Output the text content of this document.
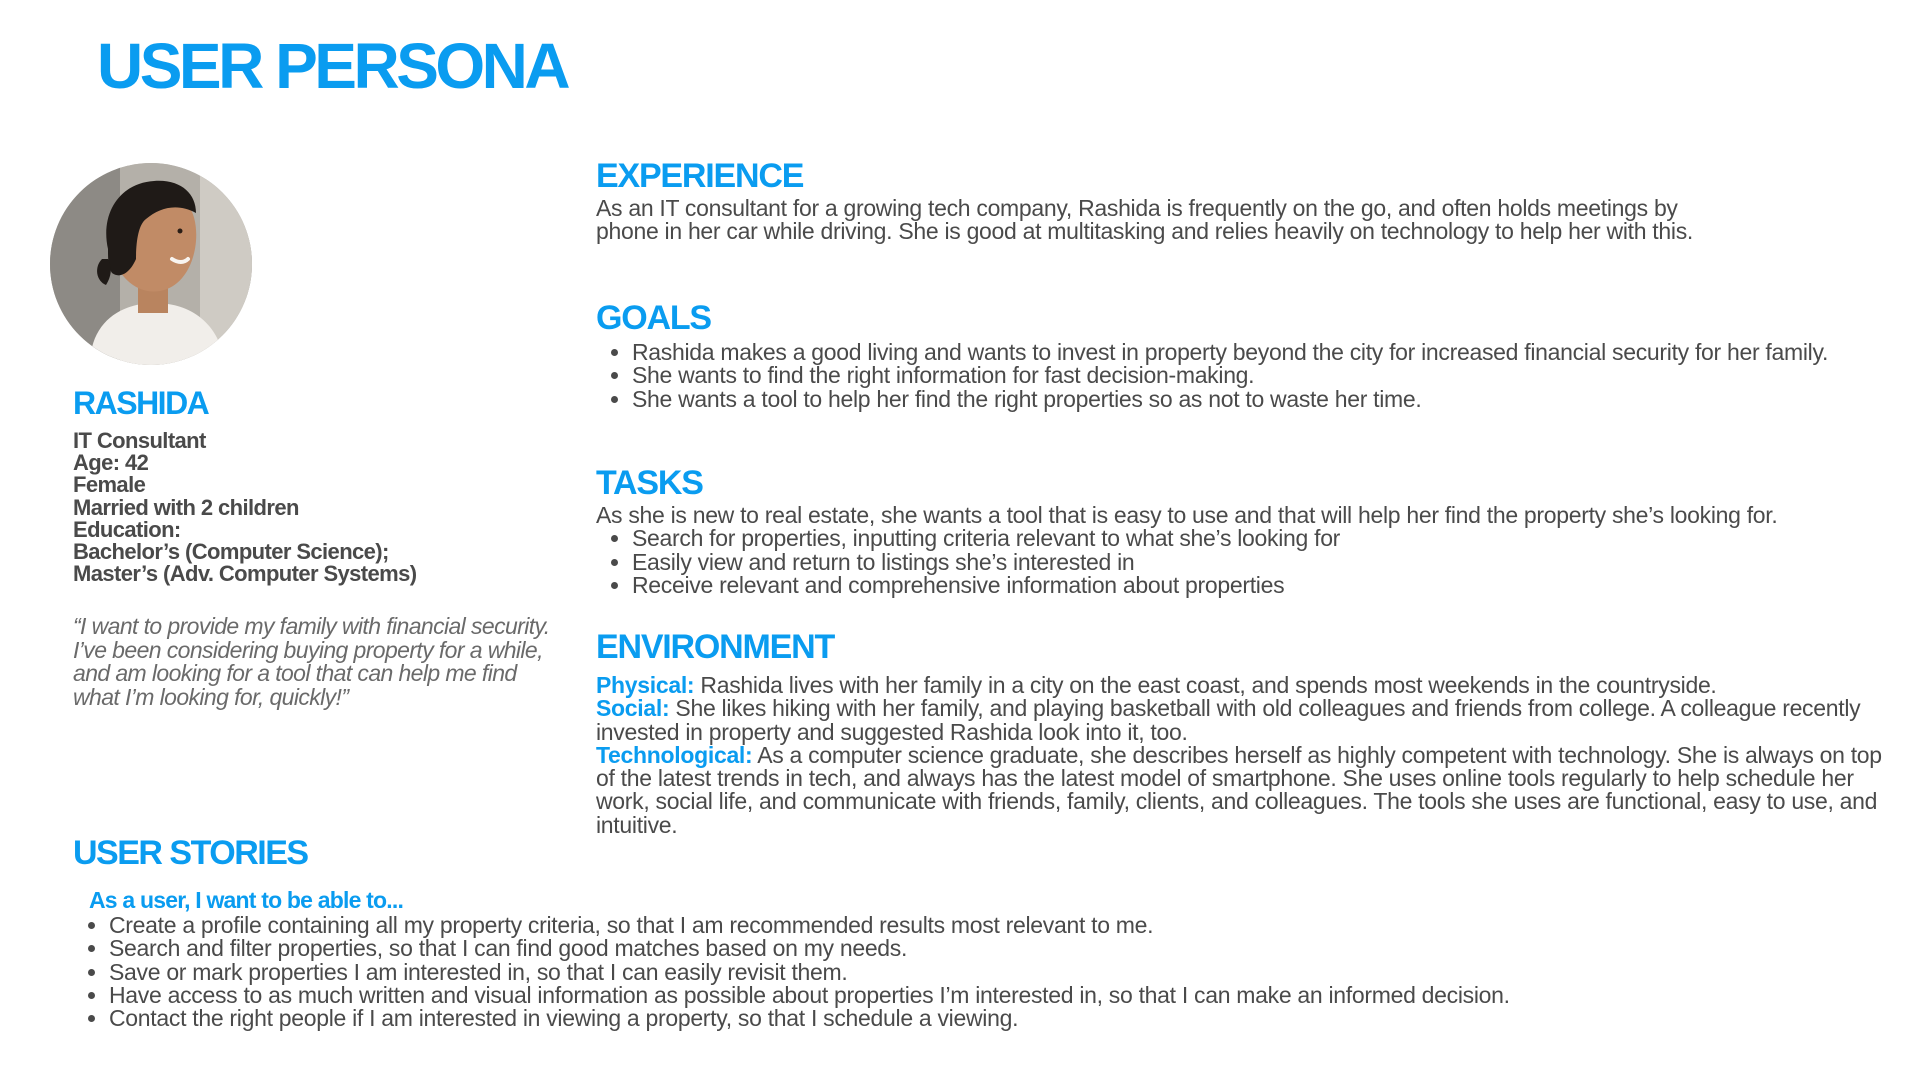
USER PERSONA
RASHIDA
IT Consultant
Age: 42
Female
Married with 2 children
Education:
Bachelor’s (Computer Science);
Master’s (Adv. Computer Systems)

“I want to provide my family with financial security. I’ve been considering buying property for a while, and am looking for a tool that can help me find what I’m looking for, quickly!”

EXPERIENCE

As an IT consultant for a growing tech company, Rashida is frequently on the go, and often holds meetings by phone in her car while driving. She is good at multitasking and relies heavily on technology to help her with this.

GOALS
• Rashida makes a good living and wants to invest in property beyond the city for increased financial security for her family.
• She wants to find the right information for fast decision-making.
• She wants a tool to help her find the right properties so as not to waste her time.
TASKS

As she is new to real estate, she wants a tool that is easy to use and that will help her find the property she’s looking for.

• Search for properties, inputting criteria relevant to what she’s looking for
• Easily view and return to listings she’s interested in
• Receive relevant and comprehensive information about properties
ENVIRONMENT
Physical: Rashida lives with her family in a city on the east coast, and spends most weekends in the countryside.
Social: She likes hiking with her family, and playing basketball with old colleagues and friends from college. A colleague recently invested in property and suggested Rashida look into it, too.
Technological: As a computer science graduate, she describes herself as highly competent with technology. She is always on top of the latest trends in tech, and always has the latest model of smartphone. She uses online tools regularly to help schedule her work, social life, and communicate with friends, family, clients, and colleagues. The tools she uses are functional, easy to use, and intuitive.
USER STORIES
As a user, I want to be able to...
• Create a profile containing all my property criteria, so that I am recommended results most relevant to me.
• Search and filter properties, so that I can find good matches based on my needs.
• Save or mark properties I am interested in, so that I can easily revisit them.
• Have access to as much written and visual information as possible about properties I’m interested in, so that I can make an informed decision.
• Contact the right people if I am interested in viewing a property, so that I schedule a viewing.
